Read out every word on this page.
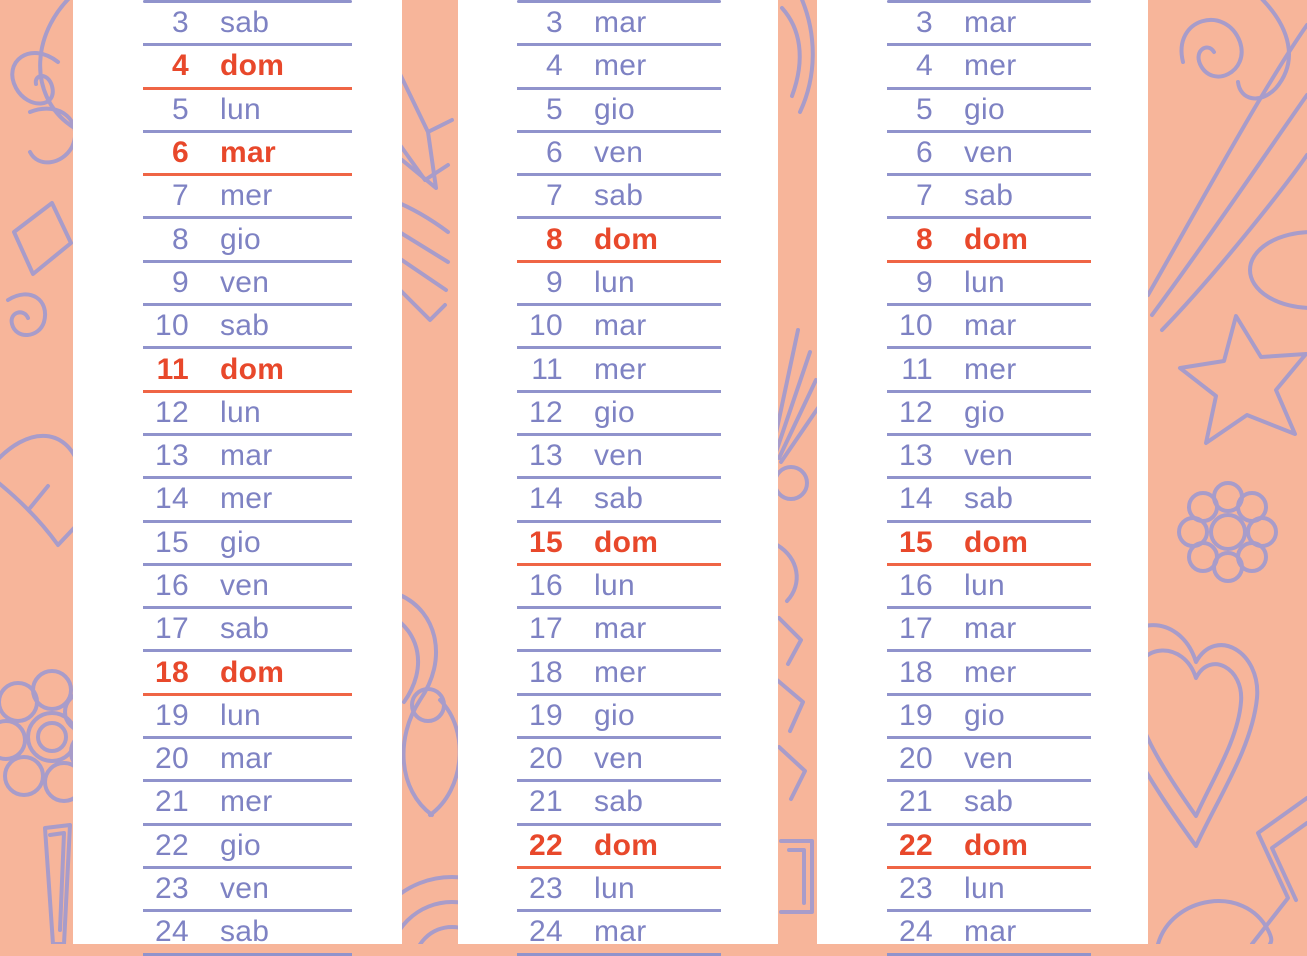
3 sab
4 dom
5 lun
6 mar
7 mer
8 gio
9 ven
10 sab
11 dom
12 lun
13 mar
14 mer
15 gio
16 ven
17 sab
18 dom
19 lun
20 mar
21 mer
22 gio
23 ven
24 sab
3 mar
4 mer
5 gio
6 ven
7 sab
8 dom
9 lun
10 mar
11 mer
12 gio
13 ven
14 sab
15 dom
16 lun
17 mar
18 mer
19 gio
20 ven
21 sab
22 dom
23 lun
24 mar
3 mar
4 mer
5 gio
6 ven
7 sab
8 dom
9 lun
10 mar
11 mer
12 gio
13 ven
14 sab
15 dom
16 lun
17 mar
18 mer
19 gio
20 ven
21 sab
22 dom
23 lun
24 mar
